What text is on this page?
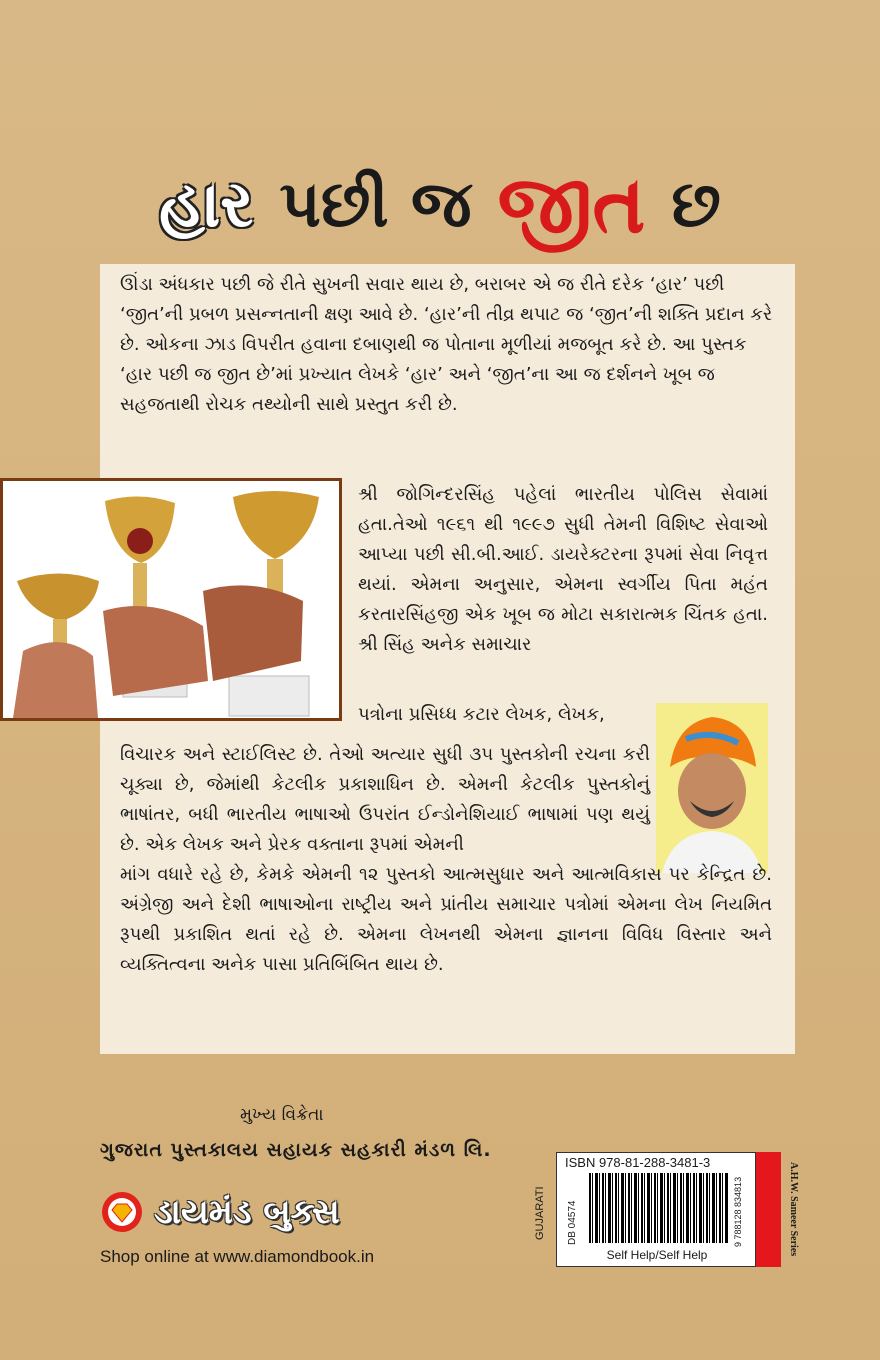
હાર પછી જ જીત છ
ઊંડા અંધકાર પછી જે રીતે સુખની સવાર થાય છે, બરાબર એ જ રીતે દરેક ‘હાર’ પછી ‘જીત’ની પ્રબળ પ્રસન્નતાની ક્ષણ આવે છે. ‘હાર’ની તીવ્ર થપાટ જ ‘જીત’ની શક્તિ પ્રદાન કરે છે. ઓકના ઝાડ વિપરીત હવાના દબાણથી જ પોતાના મૂળીયાં મજબૂત કરે છે. આ પુસ્તક ‘હાર પછી જ જીત છે’માં પ્રખ્યાત લેખકે ‘હાર’ અને ‘જીત’ના આ જ દર્શનને ખૂબ જ સહજતાથી રોચક તથ્યોની સાથે પ્રસ્તુત કરી છે.
શ્રી જોગિન્દરસિંહ પહેલાં ભારતીય પોલિસ સેવામાં હતા.તેઓ ૧૯૬૧ થી ૧૯૯૭ સુધી તેમની વિશિષ્ટ સેવાઓ આપ્યા પછી સી.બી.આઈ. ડાયરેક્ટરના રૂપમાં સેવા નિવૃત્ત થયાં. એમના અનુસાર, એમના સ્વર્ગીય પિતા મહંત કરતારસિંહજી એક ખૂબ જ મોટા સકારાત્મક ચિંતક હતા. શ્રી સિંહ અનેક સમાચાર
પત્રોના પ્રસિધ્ધ કટાર લેખક, લેખક,
વિચારક અને સ્ટાઈલિસ્ટ છે. તેઓ અત્યાર સુધી ૩૫ પુસ્તકોની રચના કરી ચૂક્યા છે, જેમાંથી કેટલીક પ્રકાશાધિન છે. એમની કેટલીક પુસ્તકોનું ભાષાંતર, બધી ભારતીય ભાષાઓ ઉપરાંત ઈન્ડોનેશિયાઈ ભાષામાં પણ થયું છે. એક લેખક અને પ્રેરક વક્તાના રૂપમાં એમની
માંગ વધારે રહે છે, કેમકે એમની ૧૨ પુસ્તકો આત્મસુધાર અને આત્મવિકાસ પર કેન્દ્રિત છે. અંગ્રેજી અને દેશી ભાષાઓના રાષ્ટ્રીય અને પ્રાંતીય સમાચાર પત્રોમાં એમના લેખ નિયમિત રૂપથી પ્રકાશિત થતાં રહે છે. એમના લેખનથી એમના જ્ઞાનના વિવિધ વિસ્તાર અને વ્યક્તિત્વના અનેક પાસા પ્રતિબિંબિત થાય છે.
મુખ્ય વિક્રેતા
ગુજરાત પુસ્તકાલય સહાયક સહકારી મંડળ લિ.
ડાયમંડ બુક્સ
Shop online at www.diamondbook.in
GUJARATI
ISBN 978-81-288-3481-3
DB 04574	9 788128 834813
Self Help/Self Help	A.H.W. Sameer Series
